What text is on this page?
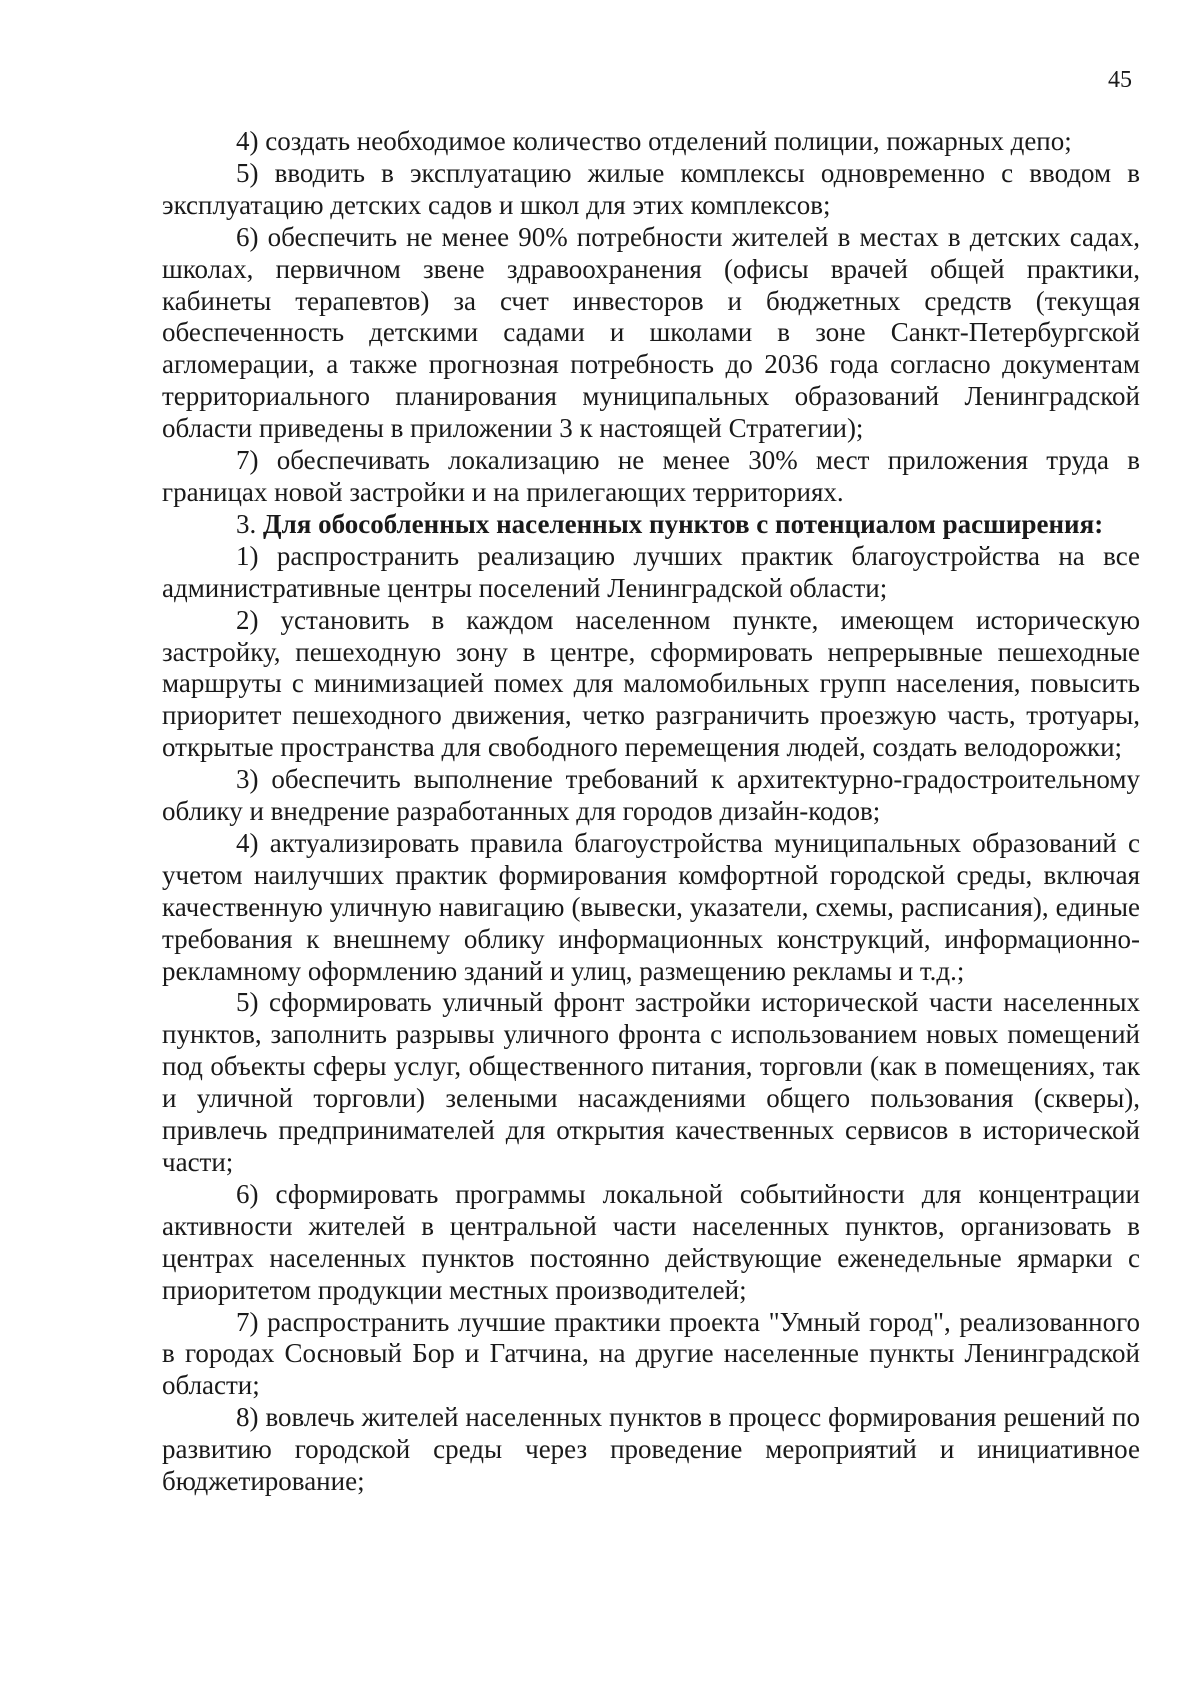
45

4) создать необходимое количество отделений полиции, пожарных депо;

5) вводить в эксплуатацию жилые комплексы одновременно с вводом в эксплуатацию детских садов и школ для этих комплексов;

6) обеспечить не менее 90% потребности жителей в местах в детских садах, школах, первичном звене здравоохранения (офисы врачей общей практики, кабинеты терапевтов) за счет инвесторов и бюджетных средств (текущая обеспеченность детскими садами и школами в зоне Санкт-Петербургской агломерации, а также прогнозная потребность до 2036 года согласно документам территориального планирования муниципальных образований Ленинградской области приведены в приложении 3 к настоящей Стратегии);

7) обеспечивать локализацию не менее 30% мест приложения труда в границах новой застройки и на прилегающих территориях.

3. Для обособленных населенных пунктов с потенциалом расширения:

1) распространить реализацию лучших практик благоустройства на все административные центры поселений Ленинградской области;

2) установить в каждом населенном пункте, имеющем историческую застройку, пешеходную зону в центре, сформировать непрерывные пешеходные маршруты с минимизацией помех для маломобильных групп населения, повысить приоритет пешеходного движения, четко разграничить проезжую часть, тротуары, открытые пространства для свободного перемещения людей, создать велодорожки;

3) обеспечить выполнение требований к архитектурно-градостроительному облику и внедрение разработанных для городов дизайн-кодов;

4) актуализировать правила благоустройства муниципальных образований с учетом наилучших практик формирования комфортной городской среды, включая качественную уличную навигацию (вывески, указатели, схемы, расписания), единые требования к внешнему облику информационных конструкций, информационно-рекламному оформлению зданий и улиц, размещению рекламы и т.д.;

5) сформировать уличный фронт застройки исторической части населенных пунктов, заполнить разрывы уличного фронта с использованием новых помещений под объекты сферы услуг, общественного питания, торговли (как в помещениях, так и уличной торговли) зелеными насаждениями общего пользования (скверы), привлечь предпринимателей для открытия качественных сервисов в исторической части;

6) сформировать программы локальной событийности для концентрации активности жителей в центральной части населенных пунктов, организовать в центрах населенных пунктов постоянно действующие еженедельные ярмарки с приоритетом продукции местных производителей;

7) распространить лучшие практики проекта "Умный город", реализованного в городах Сосновый Бор и Гатчина, на другие населенные пункты Ленинградской области;

8) вовлечь жителей населенных пунктов в процесс формирования решений по развитию городской среды через проведение мероприятий и инициативное бюджетирование;
